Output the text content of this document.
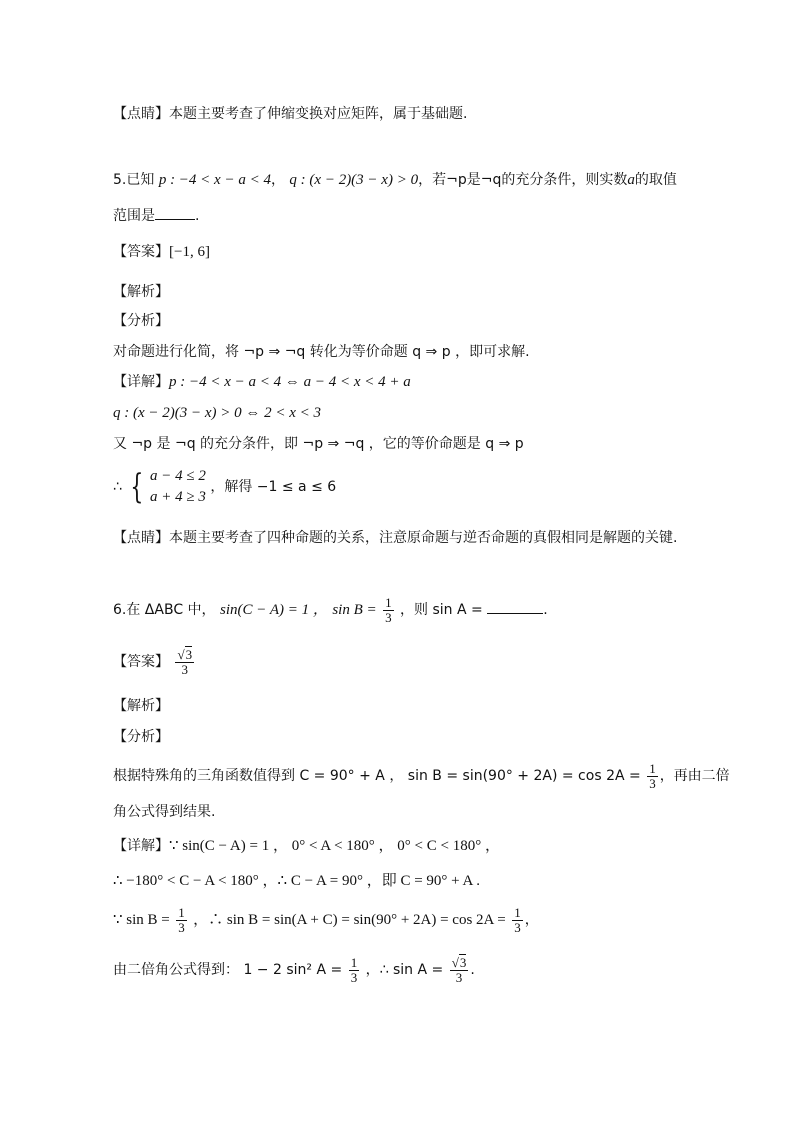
【点睛】本题主要考查了伸缩变换对应矩阵，属于基础题.
5.已知 p : −4 < x − a < 4， q : (x − 2)(3 − x) > 0，若¬p是¬q的充分条件，则实数a的取值
范围是	.
【答案】[−1, 6]
【解析】
【分析】
对命题进行化简，将 ¬p ⇒ ¬q 转化为等价命题 q ⇒ p ，即可求解.
【详解】p : −4 < x − a < 4 ⇔ a − 4 < x < 4 + a
q : (x − 2)(3 − x) > 0 ⇔ 2 < x < 3
又 ¬p 是 ¬q 的充分条件，即 ¬p ⇒ ¬q ，它的等价命题是 q ⇒ p
∴ { a − 4 ≤ 2
a + 4 ≥ 3
，解得 −1 ≤ a ≤ 6
【点睛】本题主要考查了四种命题的关系，注意原命题与逆否命题的真假相同是解题的关键.
6.在 ΔABC 中， sin(C − A) = 1 ， $\sin B = \frac{1}{3}$ ，则 sin A =	.
【答案】 $\frac{√3}{3}$
【解析】
【分析】
根据特殊角的三角函数值得到 C = 90° + A ， $\sin B = \sin(90^\circ + 2A) = \cos 2A = \frac{1}{3}$ ，再由二倍
角公式得到结果.
【详解】∵ sin(C − A) = 1 ， 0° < A < 180° ， 0° < C < 180° ，
∴ −180° < C − A < 180° ，∴ C − A = 90° ，即 C = 90° + A .
∵ $\sin B = \frac{1}{3}$ ，∴ $\sin B = \sin(A + C) = \sin(90^\circ + 2A) = \cos 2A = \frac{1}{3}$ ，
由二倍角公式得到： 1 − 2 sin² $A = \frac{1}{3}$ ，∴ $\sin A = \frac{√3}{3}$ .
